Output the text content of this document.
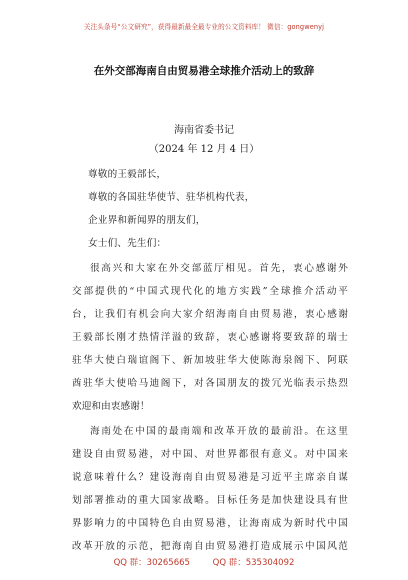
关注头条号“公文研究”，获得最新最全最专业的公文资料库！ 微信：gongwenyj
在外交部海南自由贸易港全球推介活动上的致辞
海南省委书记
（2024 年 12 月 4 日）
尊敬的王毅部长，
尊敬的各国驻华使节、驻华机构代表，
企业界和新闻界的朋友们，
女士们、先生们：
很高兴和大家在外交部蓝厅相见。首先，衷心感谢外
交部提供的“中国式现代化的地方实践”全球推介活动平
台，让我们有机会向大家介绍海南自由贸易港，衷心感谢
王毅部长刚才热情洋溢的致辞，衷心感谢将要致辞的瑞士
驻华大使白瑞谊阁下、新加坡驻华大使陈海泉阁下、阿联
酋驻华大使哈马迪阁下，对各国朋友的拨冗光临表示热烈
欢迎和由衷感谢！
海南处在中国的最南端和改革开放的最前沿。在这里
建设自由贸易港，对中国、对世界都很有意义。对中国来
说意味着什么？建设海南自由贸易港是习近平主席亲自谋
划部署推动的重大国家战略。目标任务是加快建设具有世
界影响力的中国特色自由贸易港，让海南成为新时代中国
改革开放的示范，把海南自由贸易港打造成展示中国风范
QQ 群：30265665	QQ 群：535304092
